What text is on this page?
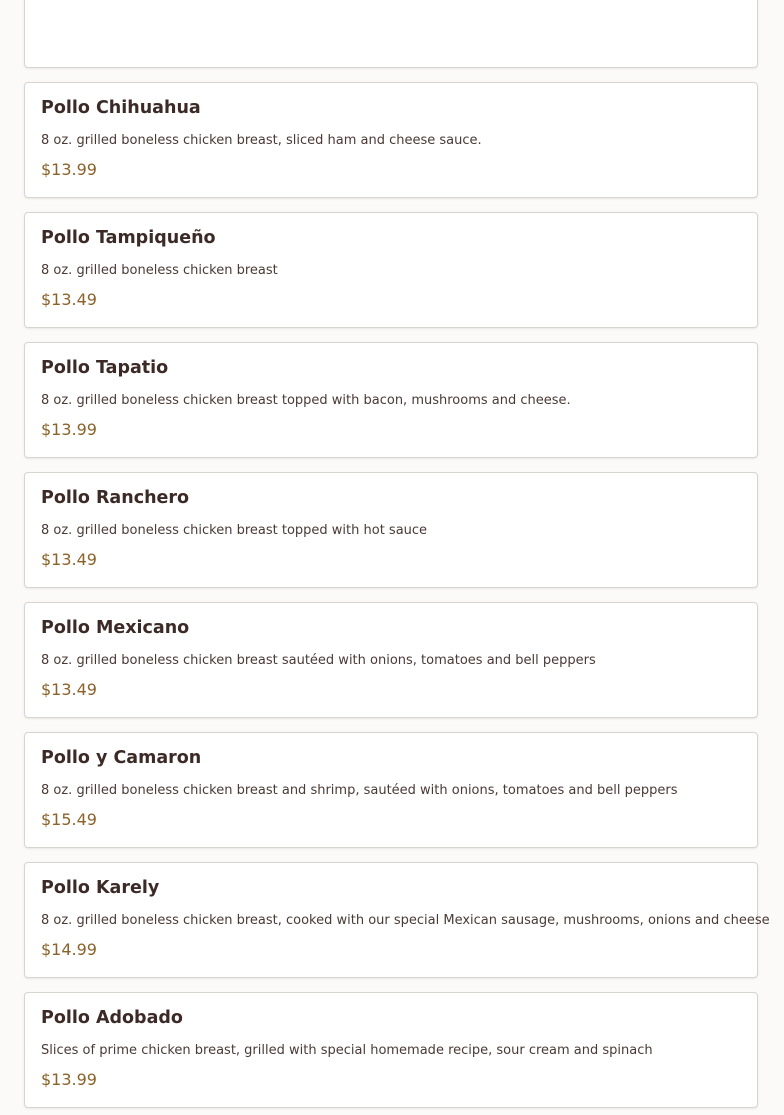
Pollo Chihuahua

8 oz. grilled boneless chicken breast, sliced ham and cheese sauce.

$13.99

Pollo Tampiqueño

8 oz. grilled boneless chicken breast

$13.49

Pollo Tapatio

8 oz. grilled boneless chicken breast topped with bacon, mushrooms and cheese.

$13.99

Pollo Ranchero

8 oz. grilled boneless chicken breast topped with hot sauce

$13.49

Pollo Mexicano

8 oz. grilled boneless chicken breast sautéed with onions, tomatoes and bell peppers

$13.49

Pollo y Camaron

8 oz. grilled boneless chicken breast and shrimp, sautéed with onions, tomatoes and bell peppers

$15.49

Pollo Karely

8 oz. grilled boneless chicken breast, cooked with our special Mexican sausage, mushrooms, onions and cheese

$14.99

Pollo Adobado

Slices of prime chicken breast, grilled with special homemade recipe, sour cream and spinach

$13.99
